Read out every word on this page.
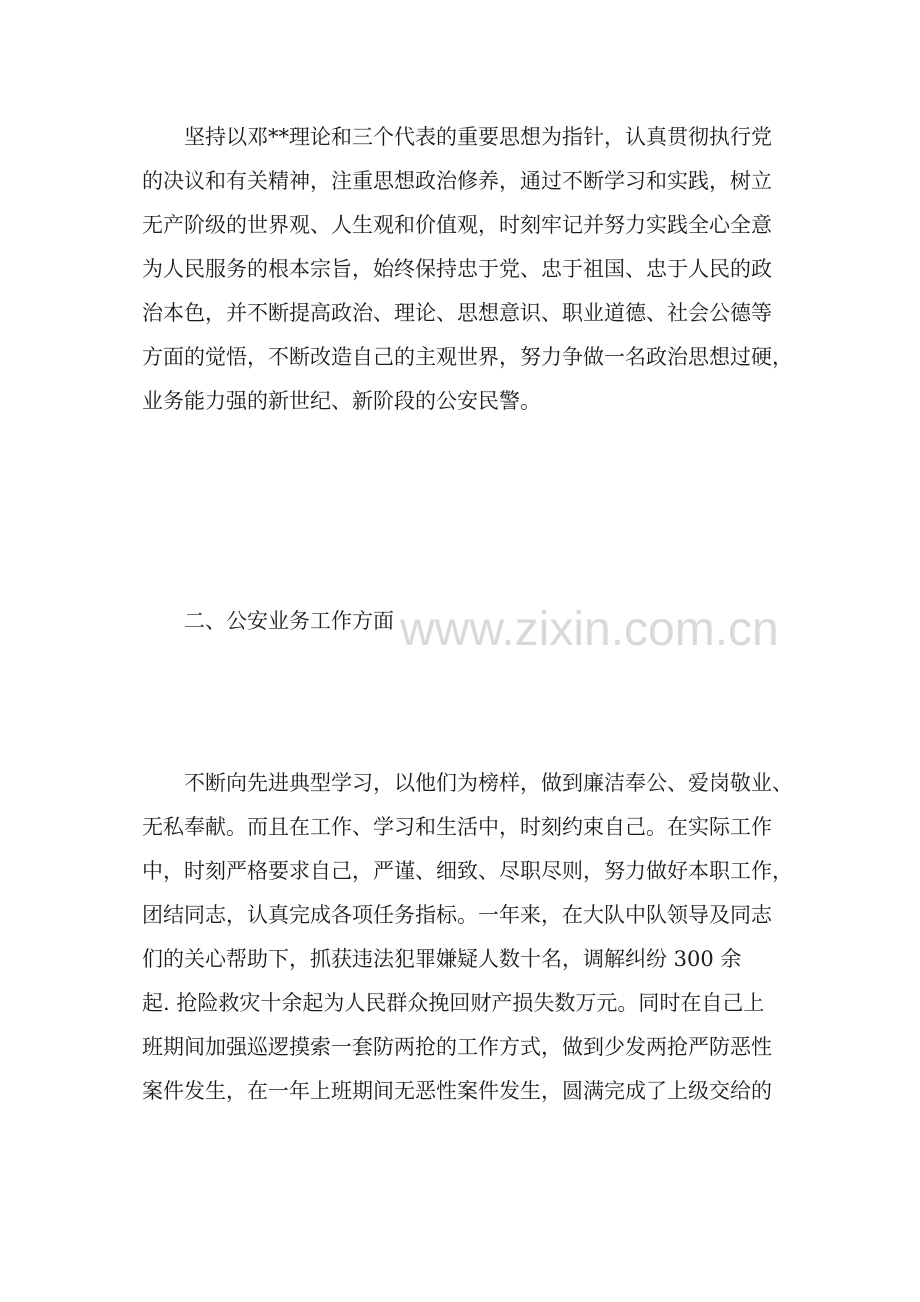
坚持以邓**理论和三个代表的重要思想为指针，认真贯彻执行党
的决议和有关精神，注重思想政治修养，通过不断学习和实践，树立
无产阶级的世界观、人生观和价值观，时刻牢记并努力实践全心全意
为人民服务的根本宗旨，始终保持忠于党、忠于祖国、忠于人民的政
治本色，并不断提高政治、理论、思想意识、职业道德、社会公德等
方面的觉悟，不断改造自己的主观世界，努力争做一名政治思想过硬，
业务能力强的新世纪、新阶段的公安民警。
www.zixin.com.cn
二、公安业务工作方面
不断向先进典型学习，以他们为榜样，做到廉洁奉公、爱岗敬业、
无私奉献。而且在工作、学习和生活中，时刻约束自己。在实际工作
中，时刻严格要求自己，严谨、细致、尽职尽则，努力做好本职工作，
团结同志，认真完成各项任务指标。一年来，在大队中队领导及同志
们的关心帮助下，抓获违法犯罪嫌疑人数十名，调解纠纷 300 余
起. 抢险救灾十余起为人民群众挽回财产损失数万元。同时在自己上
班期间加强巡逻摸索一套防两抢的工作方式，做到少发两抢严防恶性
案件发生，在一年上班期间无恶性案件发生，圆满完成了上级交给的
